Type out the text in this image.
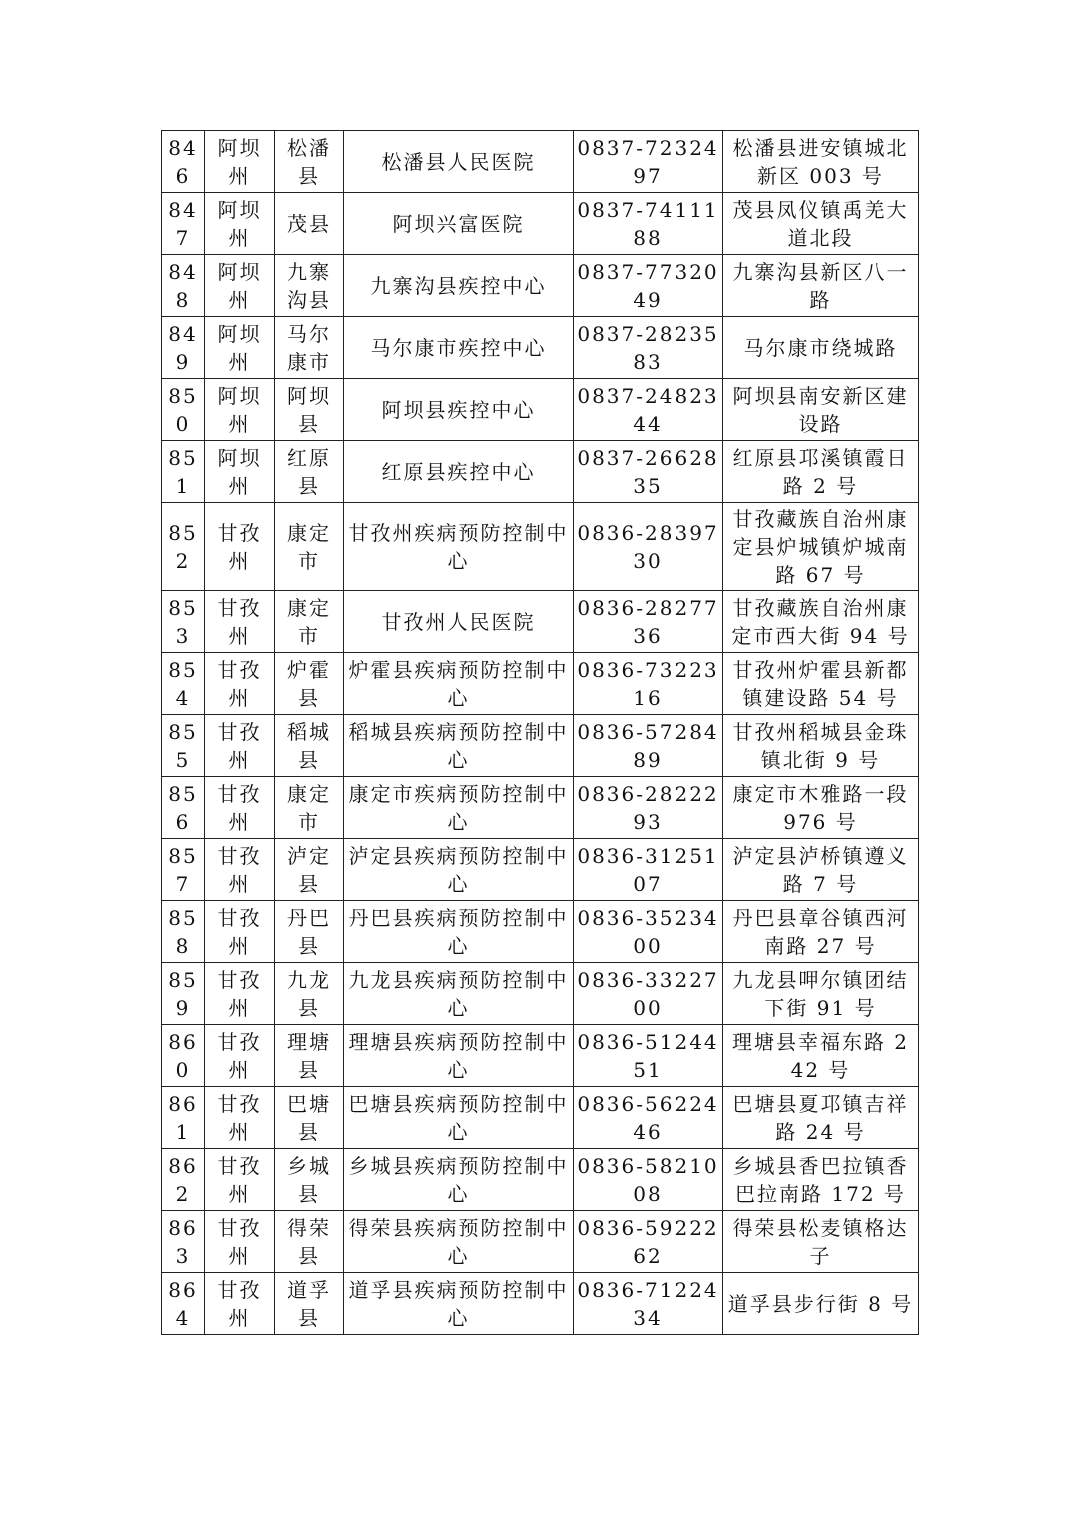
846	阿坝州	松潘县	松潘县人民医院	0837-7232497	松潘县进安镇城北新区 003 号
847	阿坝州	茂县	阿坝兴富医院	0837-7411188	茂县凤仪镇禹羌大道北段
848	阿坝州	九寨沟县	九寨沟县疾控中心	0837-7732049	九寨沟县新区八一路
849	阿坝州	马尔康市	马尔康市疾控中心	0837-2823583	马尔康市绕城路
850	阿坝州	阿坝县	阿坝县疾控中心	0837-2482344	阿坝县南安新区建设路
851	阿坝州	红原县	红原县疾控中心	0837-2662835	红原县邛溪镇霞日路 2 号
852	甘孜州	康定市	甘孜州疾病预防控制中心	0836-2839730	甘孜藏族自治州康定县炉城镇炉城南路 67 号
853	甘孜州	康定市	甘孜州人民医院	0836-2827736	甘孜藏族自治州康定市西大街 94 号
854	甘孜州	炉霍县	炉霍县疾病预防控制中心	0836-7322316	甘孜州炉霍县新都镇建设路 54 号
855	甘孜州	稻城县	稻城县疾病预防控制中心	0836-5728489	甘孜州稻城县金珠镇北街 9 号
856	甘孜州	康定市	康定市疾病预防控制中心	0836-2822293	康定市木雅路一段 976 号
857	甘孜州	泸定县	泸定县疾病预防控制中心	0836-3125107	泸定县泸桥镇遵义路 7 号
858	甘孜州	丹巴县	丹巴县疾病预防控制中心	0836-3523400	丹巴县章谷镇西河南路 27 号
859	甘孜州	九龙县	九龙县疾病预防控制中心	0836-3322700	九龙县呷尔镇团结下街 91 号
860	甘孜州	理塘县	理塘县疾病预防控制中心	0836-5124451	理塘县幸福东路 242 号
861	甘孜州	巴塘县	巴塘县疾病预防控制中心	0836-5622446	巴塘县夏邛镇吉祥路 24 号
862	甘孜州	乡城县	乡城县疾病预防控制中心	0836-5821008	乡城县香巴拉镇香巴拉南路 172 号
863	甘孜州	得荣县	得荣县疾病预防控制中心	0836-5922262	得荣县松麦镇格达子
864	甘孜州	道孚县	道孚县疾病预防控制中心	0836-7122434	道孚县步行街 8 号
